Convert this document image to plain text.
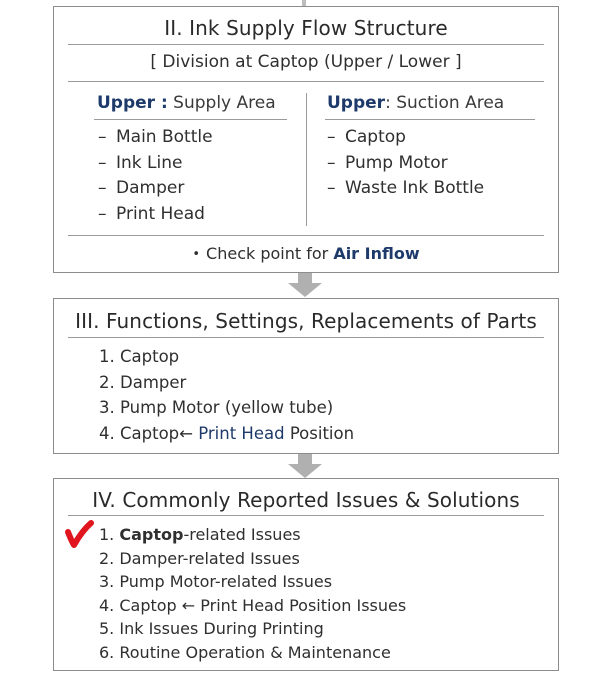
II. Ink Supply Flow Structure
[ Division at Captop (Upper / Lower ]
Upper : Supply Area
– Main Bottle
– Ink Line
– Damper
– Print Head
Upper: Suction Area
– Captop
– Pump Motor
– Waste Ink Bottle
• Check point for Air Inflow
III. Functions, Settings, Replacements of Parts
1. Captop
2. Damper
3. Pump Motor (yellow tube)
4. Captop← Print Head Position
IV. Commonly Reported Issues & Solutions
1. Captop-related Issues
2. Damper-related Issues
3. Pump Motor-related Issues
4. Captop ← Print Head Position Issues
5. Ink Issues During Printing
6. Routine Operation & Maintenance
